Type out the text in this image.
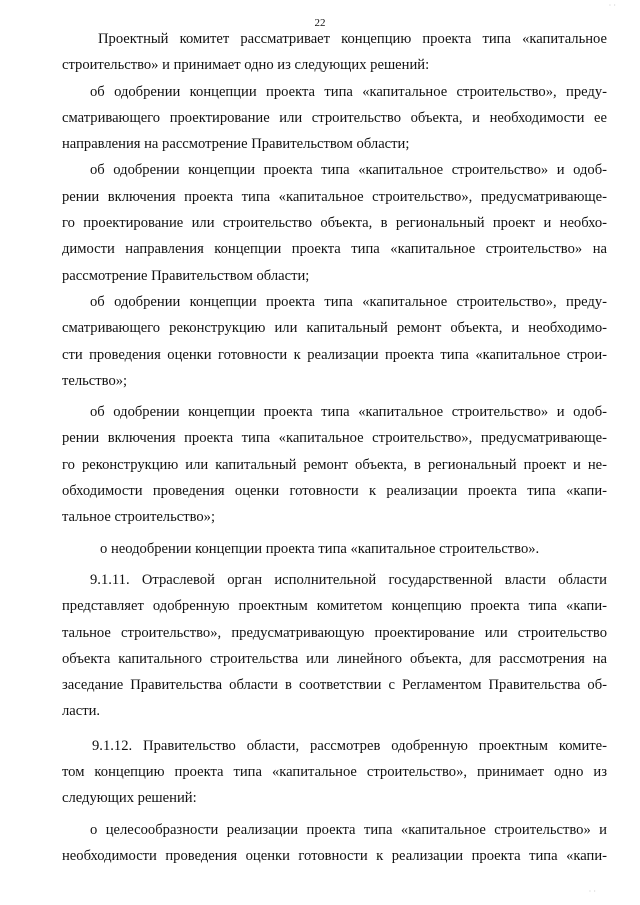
· ·
22
Проектный комитет рассматривает концепцию проекта типа «капитальное
строительство» и принимает одно из следующих решений:
об одобрении концепции проекта типа «капитальное строительство», преду-
сматривающего проектирование или строительство объекта, и необходимости ее
направления на рассмотрение Правительством области;
об одобрении концепции проекта типа «капитальное строительство» и одоб-
рении включения проекта типа «капитальное строительство», предусматривающе-
го проектирование или строительство объекта, в региональный проект и необхо-
димости направления концепции проекта типа «капитальное строительство» на
рассмотрение Правительством области;
об одобрении концепции проекта типа «капитальное строительство», преду-
сматривающего реконструкцию или капитальный ремонт объекта, и необходимо-
сти проведения оценки готовности к реализации проекта типа «капитальное строи-
тельство»;
об одобрении концепции проекта типа «капитальное строительство» и одоб-
рении включения проекта типа «капитальное строительство», предусматривающе-
го реконструкцию или капитальный ремонт объекта, в региональный проект и не-
обходимости проведения оценки готовности к реализации проекта типа «капи-
тальное строительство»;
о неодобрении концепции проекта типа «капитальное строительство».
9.1.11. Отраслевой орган исполнительной государственной власти области
представляет одобренную проектным комитетом концепцию проекта типа «капи-
тальное строительство», предусматривающую проектирование или строительство
объекта капитального строительства или линейного объекта, для рассмотрения на
заседание Правительства области в соответствии с Регламентом Правительства об-
ласти.
9.1.12. Правительство области, рассмотрев одобренную проектным комите-
том концепцию проекта типа «капитальное строительство», принимает одно из
следующих решений:
о целесообразности реализации проекта типа «капитальное строительство» и
необходимости проведения оценки готовности к реализации проекта типа «капи-
· ·
